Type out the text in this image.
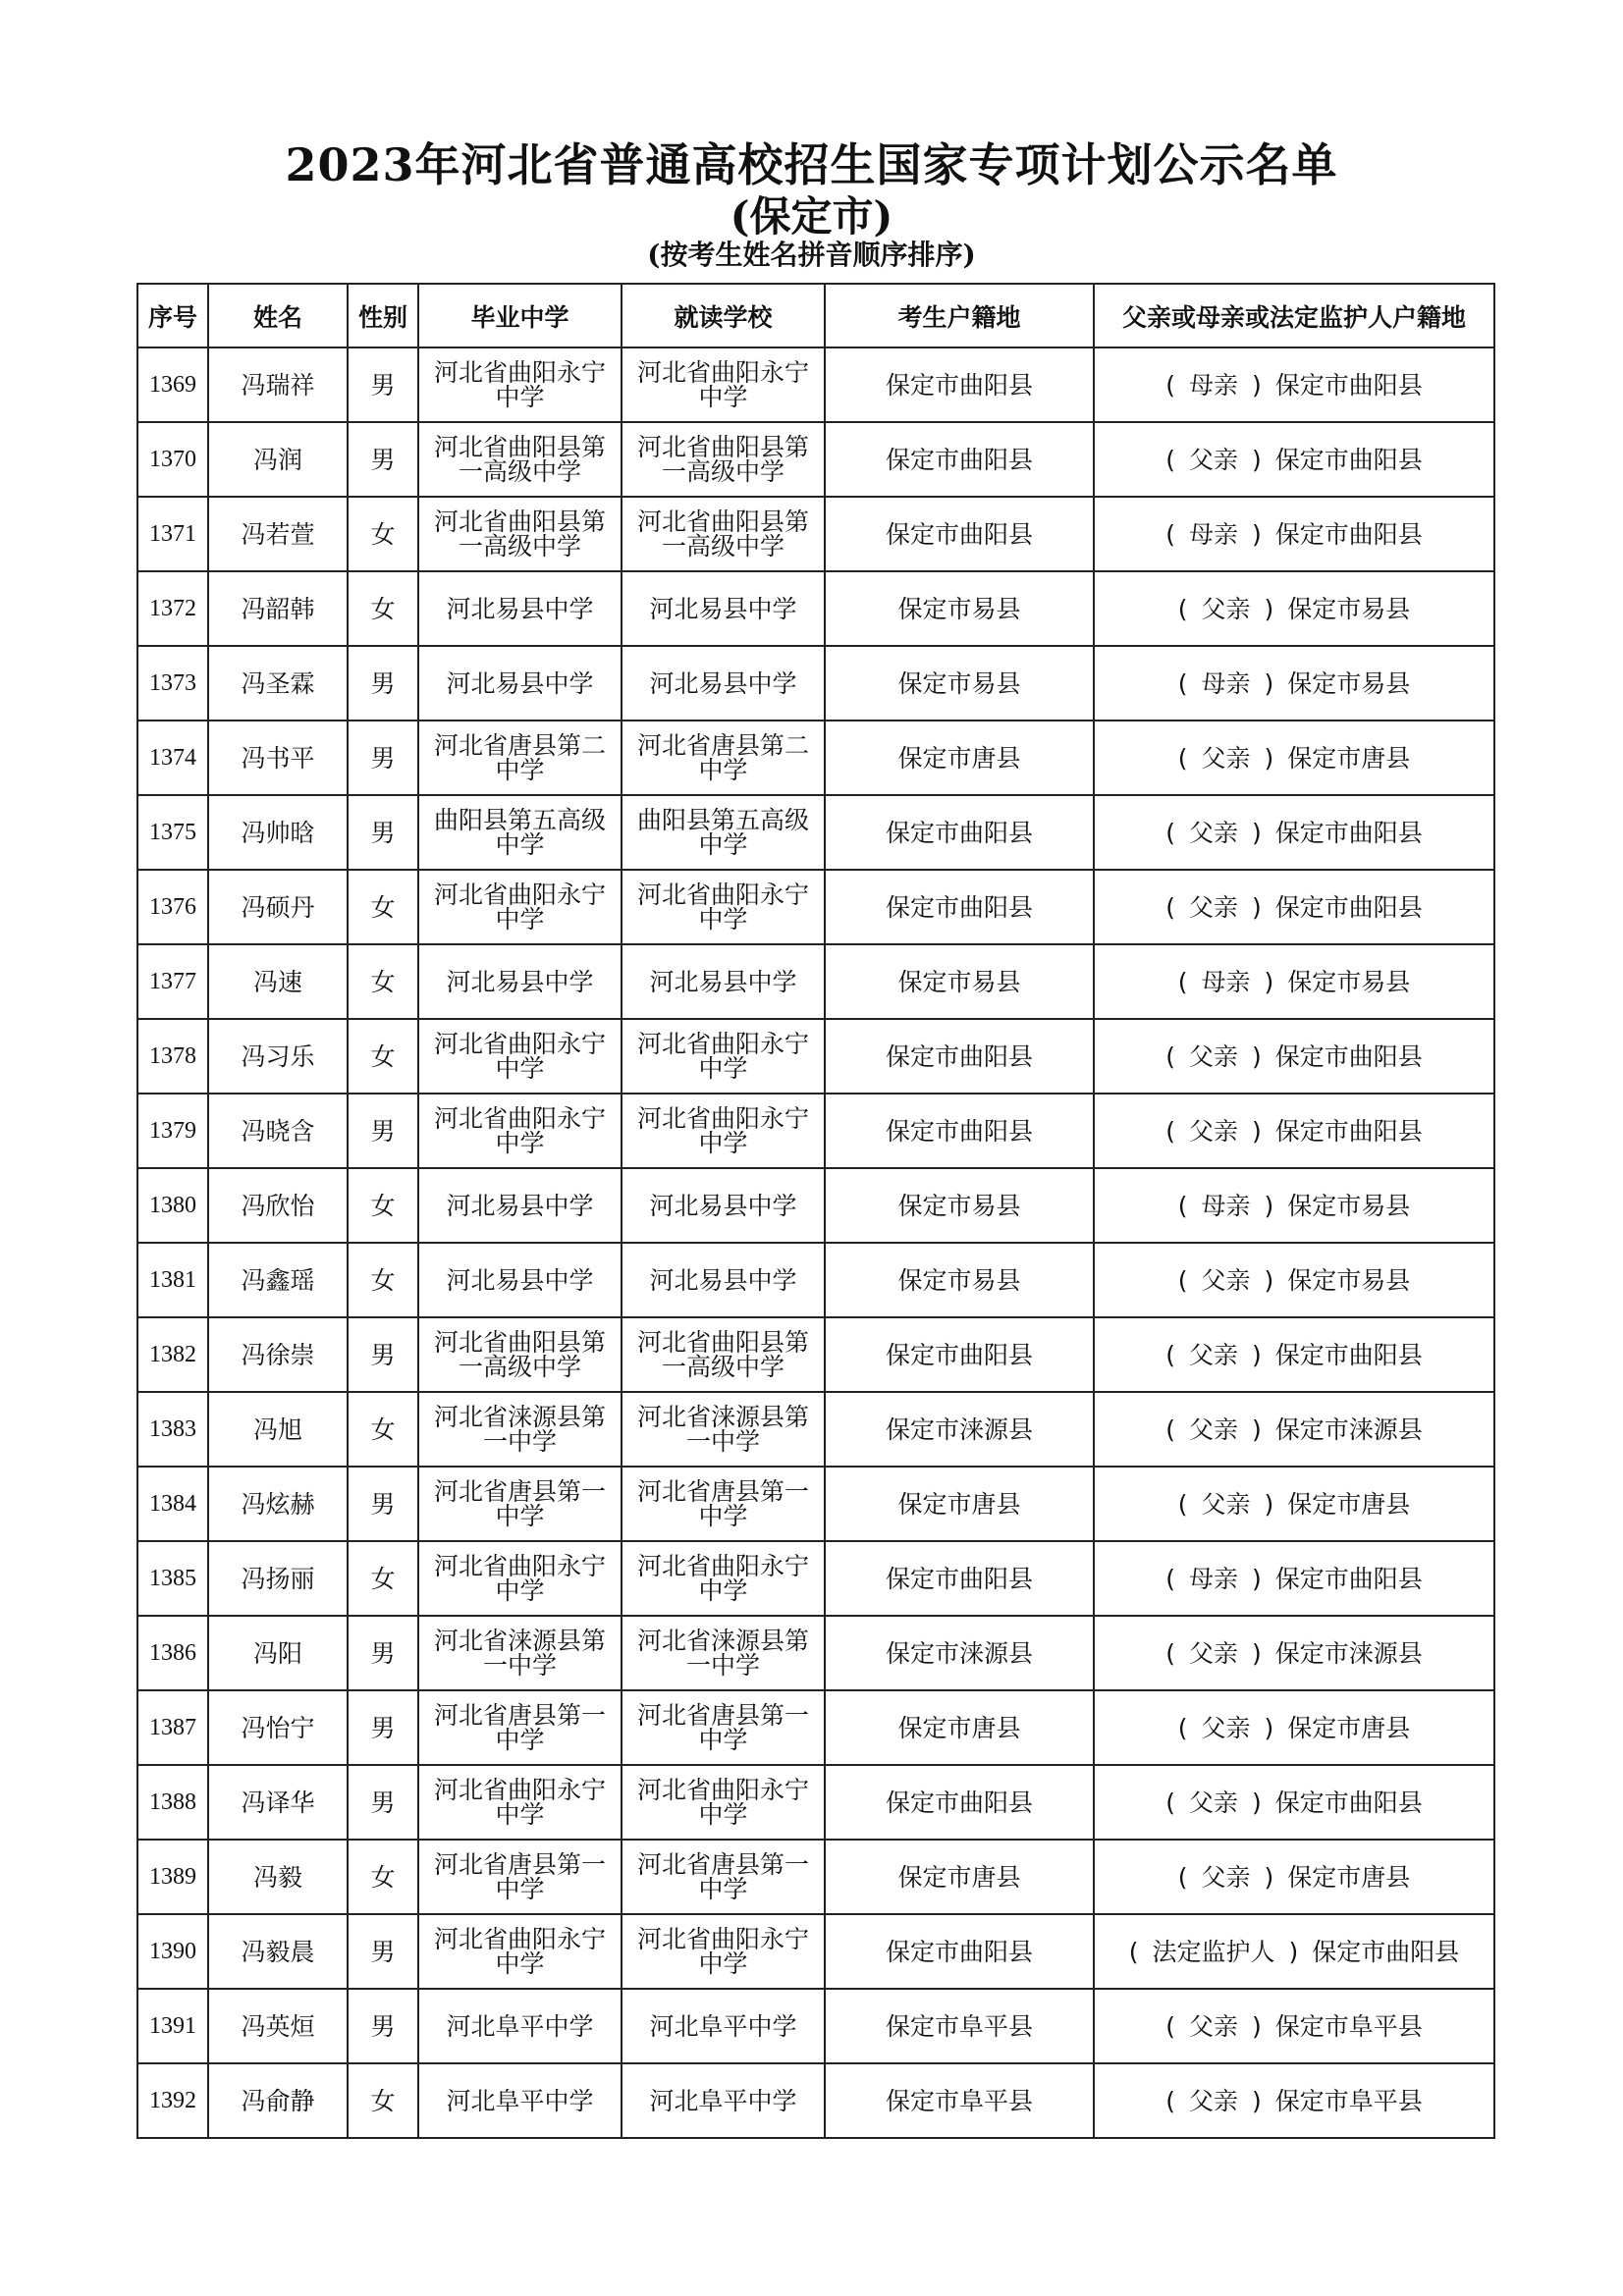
2023年河北省普通高校招生国家专项计划公示名单
(保定市)
(按考生姓名拼音顺序排序)
序号	姓名	性别	毕业中学	就读学校	考生户籍地	父亲或母亲或法定监护人户籍地
1369	冯瑞祥	男	河北省曲阳永宁中学	河北省曲阳永宁中学	保定市曲阳县	( 母亲 ) 保定市曲阳县
1370	冯润	男	河北省曲阳县第一高级中学	河北省曲阳县第一高级中学	保定市曲阳县	( 父亲 ) 保定市曲阳县
1371	冯若萱	女	河北省曲阳县第一高级中学	河北省曲阳县第一高级中学	保定市曲阳县	( 母亲 ) 保定市曲阳县
1372	冯韶韩	女	河北易县中学	河北易县中学	保定市易县	( 父亲 ) 保定市易县
1373	冯圣霖	男	河北易县中学	河北易县中学	保定市易县	( 母亲 ) 保定市易县
1374	冯书平	男	河北省唐县第二中学	河北省唐县第二中学	保定市唐县	( 父亲 ) 保定市唐县
1375	冯帅晗	男	曲阳县第五高级中学	曲阳县第五高级中学	保定市曲阳县	( 父亲 ) 保定市曲阳县
1376	冯硕丹	女	河北省曲阳永宁中学	河北省曲阳永宁中学	保定市曲阳县	( 父亲 ) 保定市曲阳县
1377	冯速	女	河北易县中学	河北易县中学	保定市易县	( 母亲 ) 保定市易县
1378	冯习乐	女	河北省曲阳永宁中学	河北省曲阳永宁中学	保定市曲阳县	( 父亲 ) 保定市曲阳县
1379	冯晓含	男	河北省曲阳永宁中学	河北省曲阳永宁中学	保定市曲阳县	( 父亲 ) 保定市曲阳县
1380	冯欣怡	女	河北易县中学	河北易县中学	保定市易县	( 母亲 ) 保定市易县
1381	冯鑫瑶	女	河北易县中学	河北易县中学	保定市易县	( 父亲 ) 保定市易县
1382	冯徐崇	男	河北省曲阳县第一高级中学	河北省曲阳县第一高级中学	保定市曲阳县	( 父亲 ) 保定市曲阳县
1383	冯旭	女	河北省涞源县第一中学	河北省涞源县第一中学	保定市涞源县	( 父亲 ) 保定市涞源县
1384	冯炫赫	男	河北省唐县第一中学	河北省唐县第一中学	保定市唐县	( 父亲 ) 保定市唐县
1385	冯扬丽	女	河北省曲阳永宁中学	河北省曲阳永宁中学	保定市曲阳县	( 母亲 ) 保定市曲阳县
1386	冯阳	男	河北省涞源县第一中学	河北省涞源县第一中学	保定市涞源县	( 父亲 ) 保定市涞源县
1387	冯怡宁	男	河北省唐县第一中学	河北省唐县第一中学	保定市唐县	( 父亲 ) 保定市唐县
1388	冯译华	男	河北省曲阳永宁中学	河北省曲阳永宁中学	保定市曲阳县	( 父亲 ) 保定市曲阳县
1389	冯毅	女	河北省唐县第一中学	河北省唐县第一中学	保定市唐县	( 父亲 ) 保定市唐县
1390	冯毅晨	男	河北省曲阳永宁中学	河北省曲阳永宁中学	保定市曲阳县	( 法定监护人 ) 保定市曲阳县
1391	冯英烜	男	河北阜平中学	河北阜平中学	保定市阜平县	( 父亲 ) 保定市阜平县
1392	冯俞静	女	河北阜平中学	河北阜平中学	保定市阜平县	( 父亲 ) 保定市阜平县
